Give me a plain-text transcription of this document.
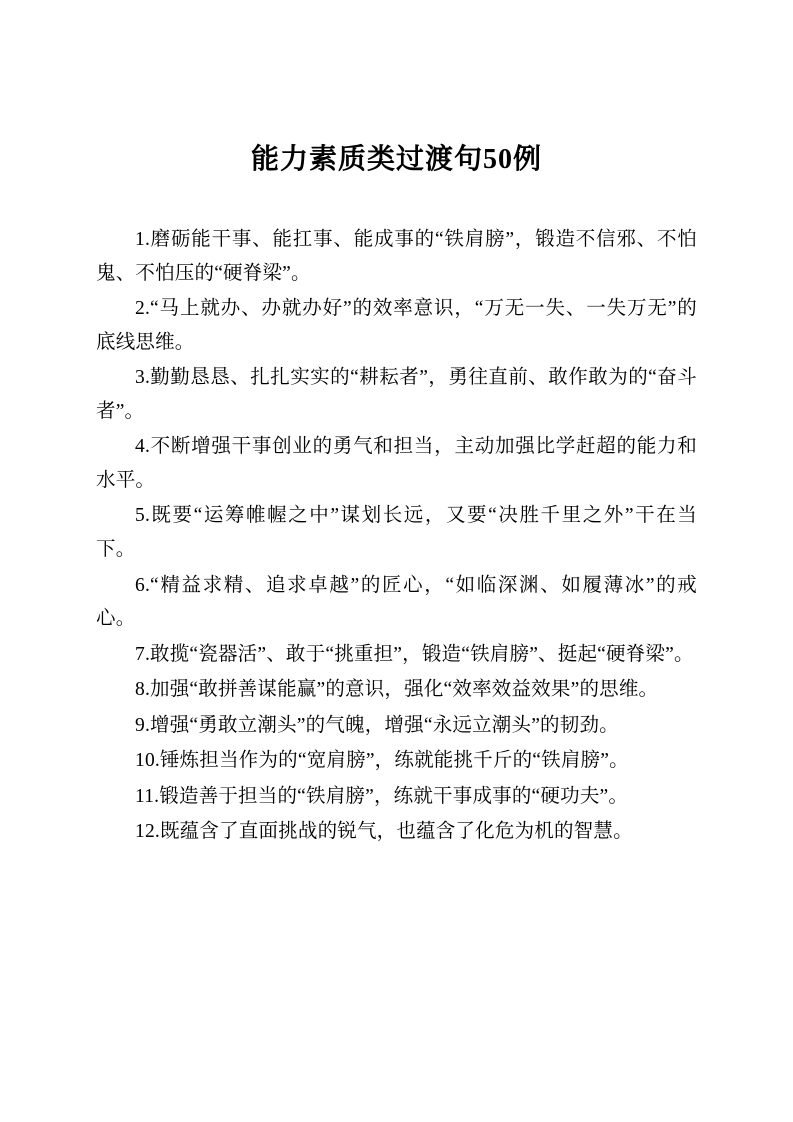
能力素质类过渡句50例

1.磨砺能干事、能扛事、能成事的“铁肩膀”，锻造不信邪、不怕鬼、不怕压的“硬脊梁”。

2.“马上就办、办就办好”的效率意识，“万无一失、一失万无”的底线思维。

3.勤勤恳恳、扎扎实实的“耕耘者”，勇往直前、敢作敢为的“奋斗者”。

4.不断增强干事创业的勇气和担当，主动加强比学赶超的能力和水平。

5.既要“运筹帷幄之中”谋划长远，又要“决胜千里之外”干在当下。

6.“精益求精、追求卓越”的匠心，“如临深渊、如履薄冰”的戒心。

7.敢揽“瓷器活”、敢于“挑重担”，锻造“铁肩膀”、挺起“硬脊梁”。

8.加强“敢拼善谋能赢”的意识，强化“效率效益效果”的思维。

9.增强“勇敢立潮头”的气魄，增强“永远立潮头”的韧劲。

10.锤炼担当作为的“宽肩膀”，练就能挑千斤的“铁肩膀”。

11.锻造善于担当的“铁肩膀”，练就干事成事的“硬功夫”。

12.既蕴含了直面挑战的锐气，也蕴含了化危为机的智慧。
